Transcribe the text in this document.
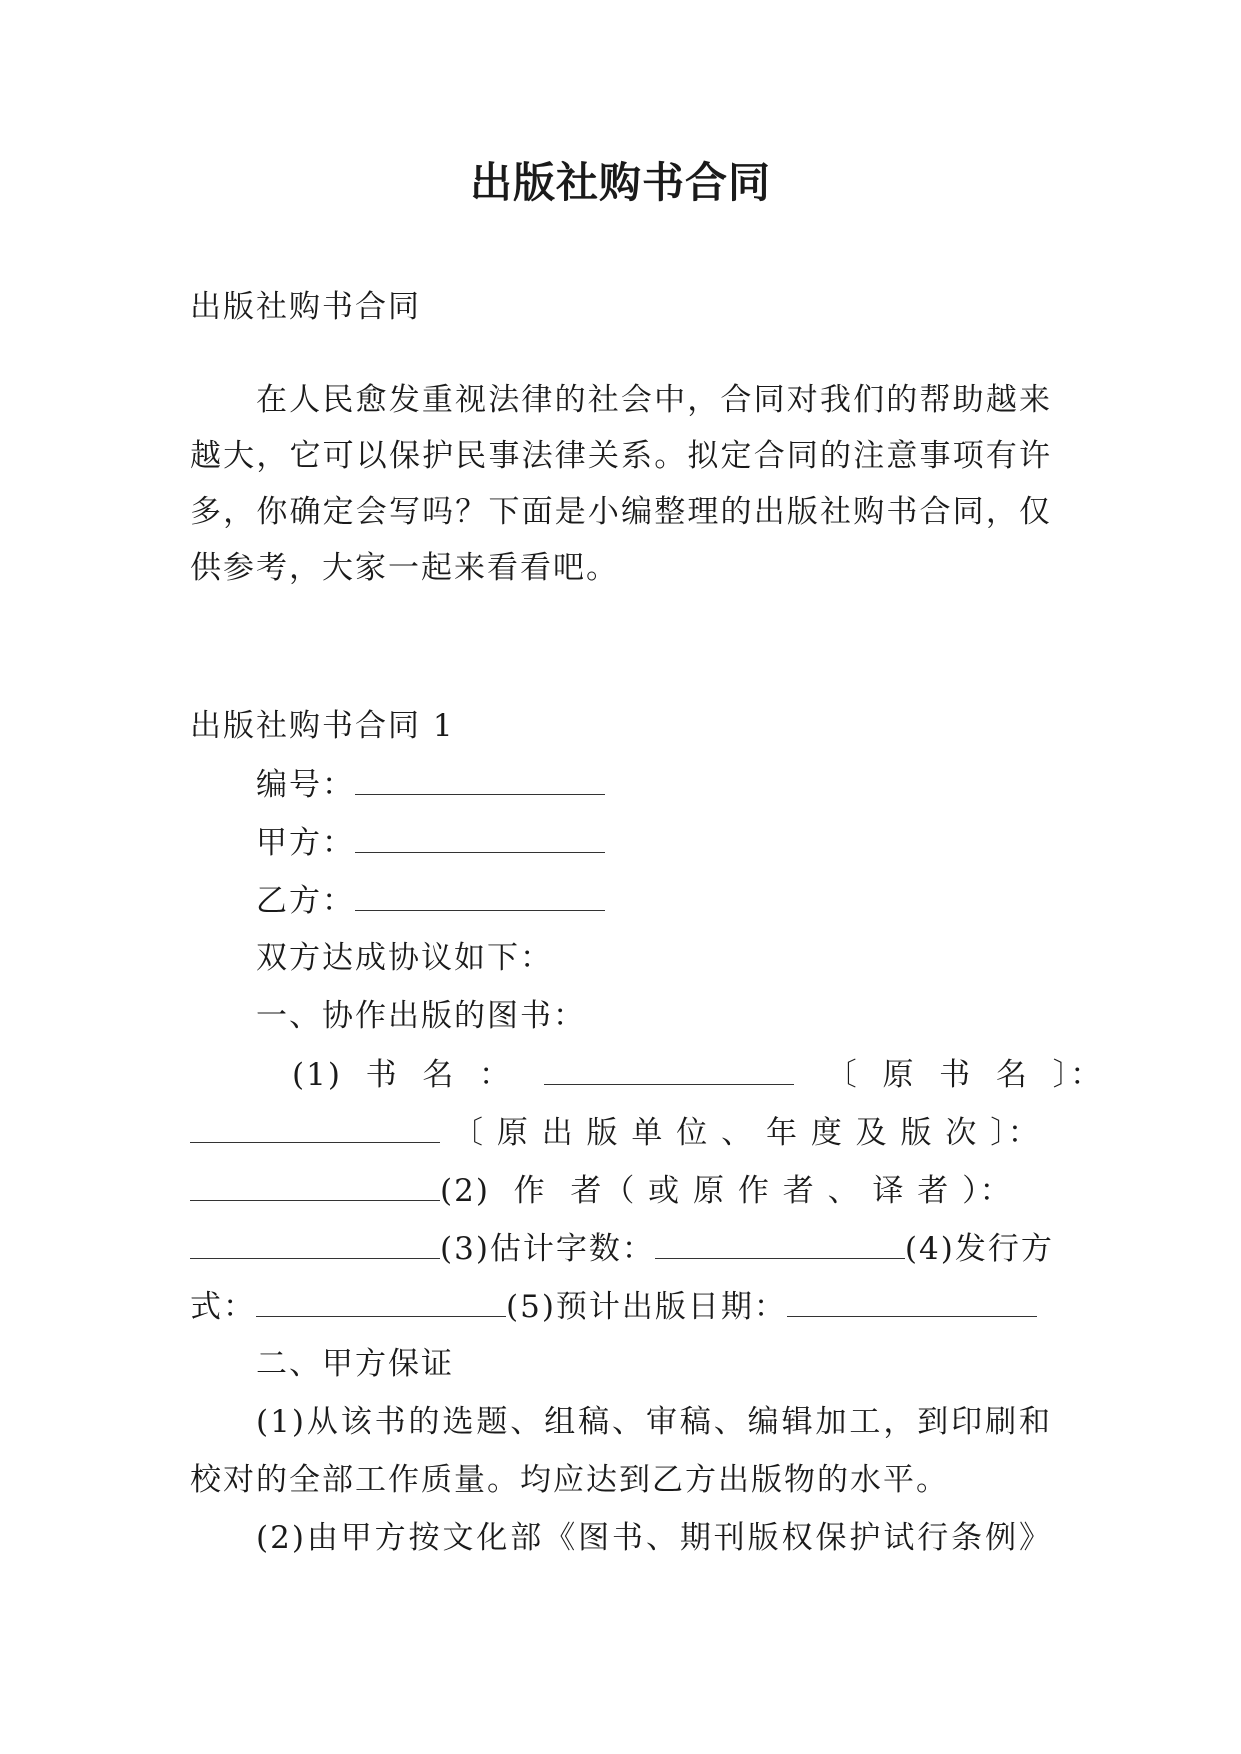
出版社购书合同
出版社购书合同
在人民愈发重视法律的社会中，合同对我们的帮助越来
越大，它可以保护民事法律关系。拟定合同的注意事项有许
多，你确定会写吗？下面是小编整理的出版社购书合同，仅
供参考，大家一起来看看吧。
出版社购书合同 1
编号：
甲方：
乙方：
双方达成协议如下：
一、协作出版的图书：
(1)  书  名  ：	〔  原  书  名  〕：
〔 原 出 版 单 位 、 年 度 及 版 次 〕：
(2)  作  者（ 或 原 作 者 、 译 者 ）：
(3)估计字数：	(4)发行方
式：	(5)预计出版日期：
二、甲方保证
(1)从该书的选题、组稿、审稿、编辑加工，到印刷和
校对的全部工作质量。均应达到乙方出版物的水平。
(2)由甲方按文化部《图书、期刊版权保护试行条例》
